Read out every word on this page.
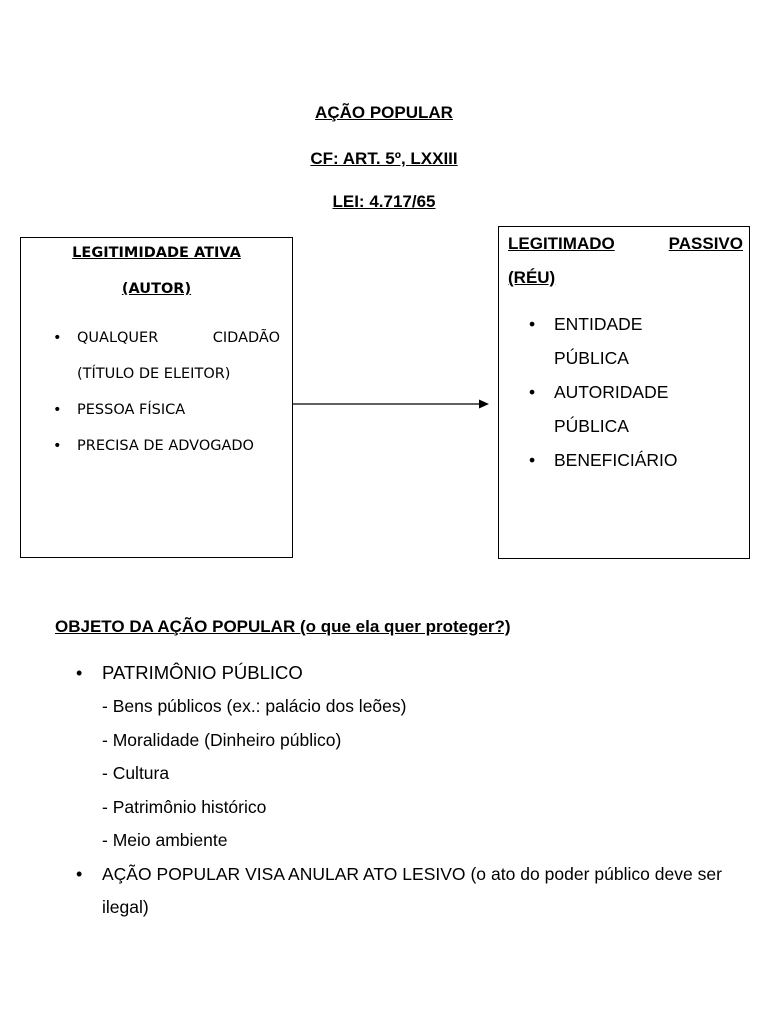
AÇÃO POPULAR
CF: ART. 5º, LXXIII
LEI: 4.717/65
LEGITIMIDADE ATIVA
(AUTOR)
• QUALQUER	CIDADÃO
(TÍTULO DE ELEITOR)
• PESSOA FÍSICA
• PRECISA DE ADVOGADO
LEGITIMADO	PASSIVO
(RÉU)
• ENTIDADE
PÚBLICA
• AUTORIDADE
PÚBLICA
• BENEFICIÁRIO
OBJETO DA AÇÃO POPULAR (o que ela quer proteger?)
• PATRIMÔNIO PÚBLICO
- Bens públicos (ex.: palácio dos leões)
- Moralidade (Dinheiro público)
- Cultura
- Patrimônio histórico
- Meio ambiente
• AÇÃO POPULAR VISA ANULAR ATO LESIVO (o ato do poder público deve ser ilegal)
